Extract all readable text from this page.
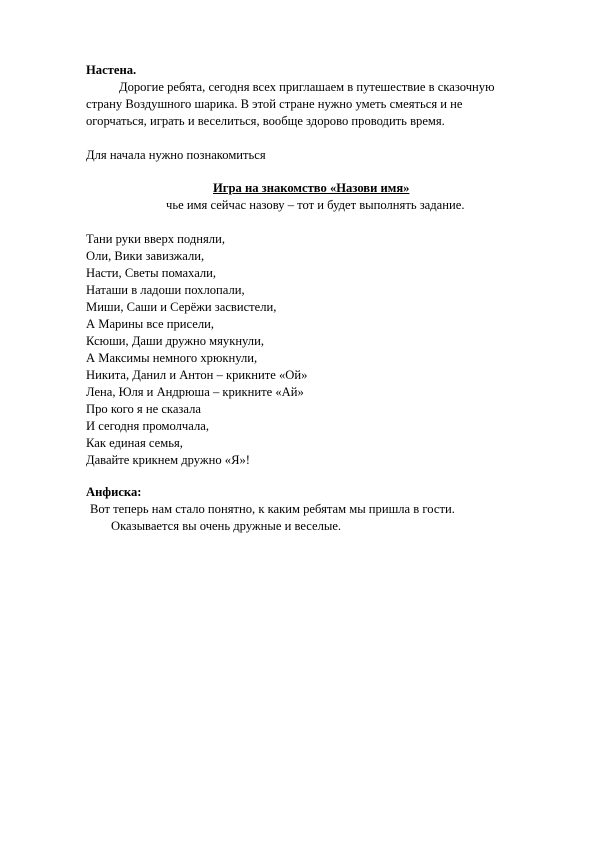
Настена.
Дорогие ребята, сегодня всех приглашаем в путешествие в сказочную
страну Воздушного шарика. В этой стране нужно уметь смеяться и не
огорчаться, играть и веселиться, вообще здорово проводить время.
Для начала нужно познакомиться
Игра на знакомство «Назови имя»
чье имя сейчас назову – тот и будет выполнять задание.
Тани руки вверх подняли,
Оли, Вики завизжали,
Насти, Светы помахали,
Наташи в ладоши похлопали,
Миши, Саши и Серёжи засвистели,
А Марины все присели,
Ксюши, Даши дружно мяукнули,
А Максимы немного хрюкнули,
Никита, Данил и Антон – крикните «Ой»
Лена, Юля и Андрюша – крикните «Ай»
Про кого я не сказала
И сегодня промолчала,
Как единая семья,
Давайте крикнем дружно «Я»!
Анфиска:
Вот теперь нам стало понятно, к каким ребятам мы пришла в гости.
Оказывается вы очень дружные и веселые.
